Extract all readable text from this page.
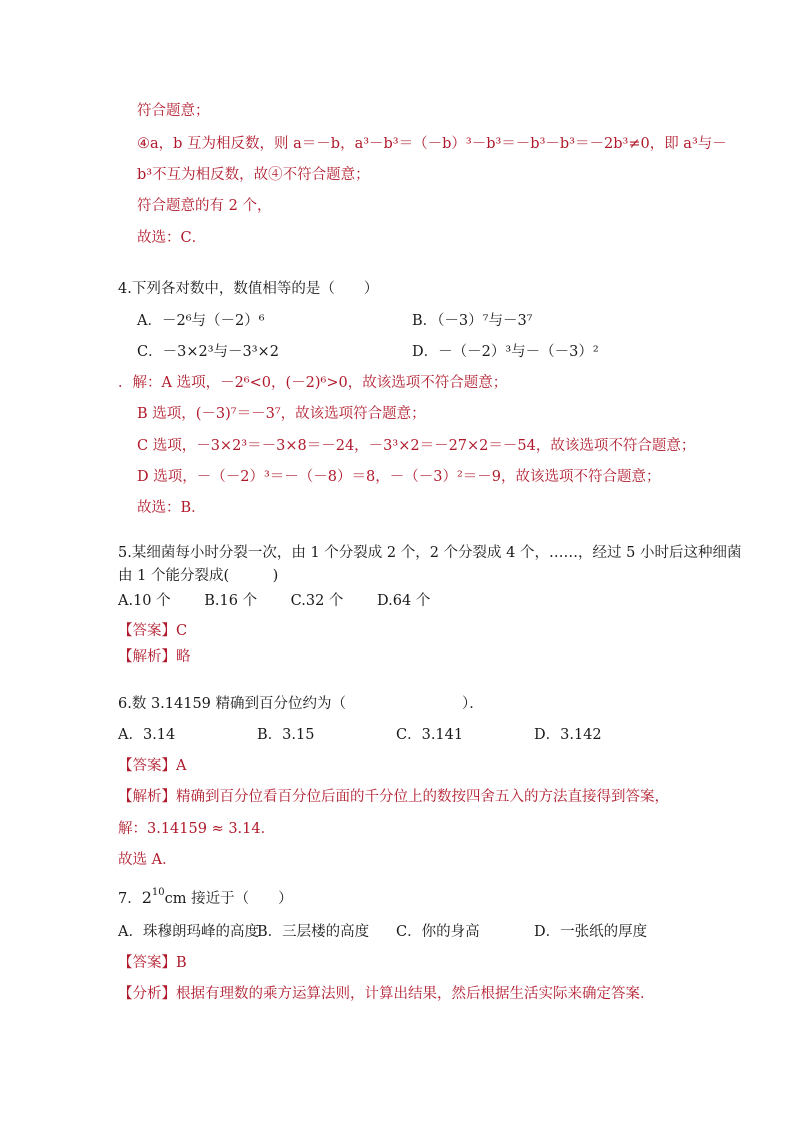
符合题意；
④a，b 互为相反数，则 a＝－b，a³－b³＝（－b）³－b³＝－b³－b³＝－2b³≠0，即 a³与－
b³不互为相反数，故④不符合题意；
符合题意的有 2 个，
故选：C．
4.下列各对数中，数值相等的是（　　）
A．－2⁶与（－2）⁶	B．（－3）⁷与－3⁷
C．－3×2³与－3³×2	D．－（－2）³与－（－3）²
．解：A 选项，－2⁶<0，(－2)⁶>0，故该选项不符合题意；
B 选项，(－3)⁷＝－3⁷，故该选项符合题意；
C 选项，－3×2³＝－3×8＝－24，－3³×2＝－27×2＝－54，故该选项不符合题意；
D 选项，－（－2）³＝－（－8）＝8，－（－3）²＝－9，故该选项不符合题意；
故选：B．
5.某细菌每小时分裂一次，由 1 个分裂成 2 个，2 个分裂成 4 个，……，经过 5 小时后这种细菌
由 1 个能分裂成(　　　)
A.10 个　　 B.16 个　　 C.32 个　　 D.64 个
【答案】C
【解析】略
6.数 3.14159 精确到百分位约为（　　　　　　　　）．
A．3.14	B．3.15	C．3.141	D．3.142
【答案】A
【解析】精确到百分位看百分位后面的千分位上的数按四舍五入的方法直接得到答案，
解：3.14159 ≈ 3.14．
故选 A．
7．$2^{10}cm$ 接近于（　　）
A．珠穆朗玛峰的高度
B．三层楼的高度 C．你的身高	D．一张纸的厚度
【答案】B
【分析】根据有理数的乘方运算法则，计算出结果，然后根据生活实际来确定答案．
